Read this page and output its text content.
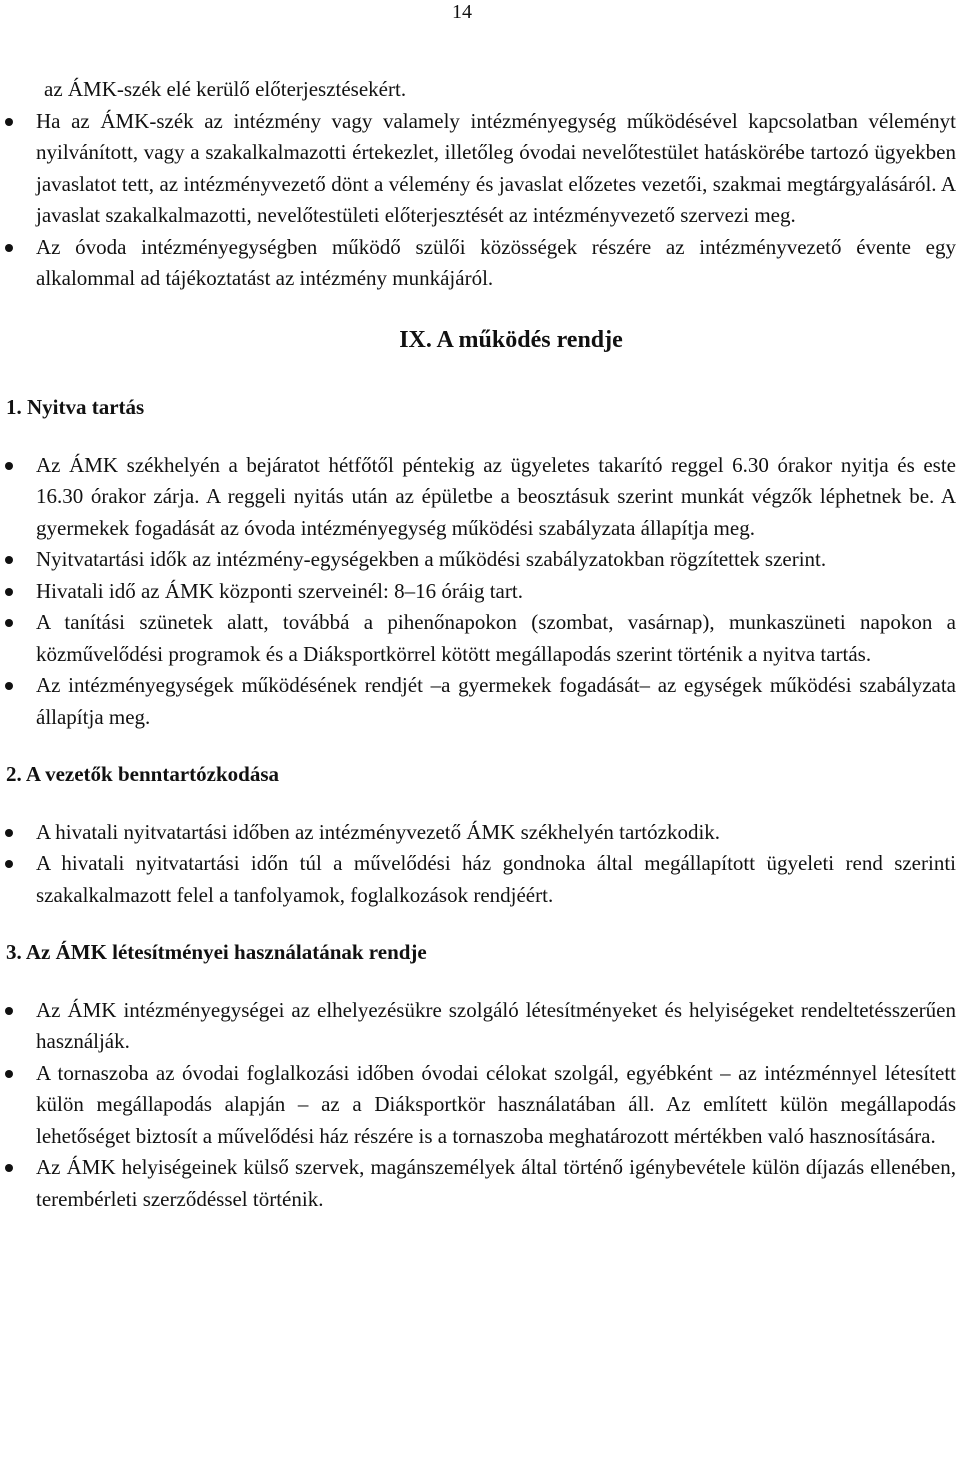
14

az ÁMK-szék elé kerülő előterjesztésekért.

Ha az ÁMK-szék az intézmény vagy valamely intézményegység működésével kapcsolatban véleményt nyilvánított, vagy a szakalkalmazotti értekezlet, illetőleg óvodai nevelőtestület hatáskörébe tartozó ügyekben javaslatot tett, az intézményvezető dönt a vélemény és javaslat előzetes vezetői, szakmai megtárgyalásáról. A javaslat szakalkalmazotti, nevelőtestületi előterjesztését az intézményvezető szervezi meg.
Az óvoda intézményegységben működő szülői közösségek részére az intézményvezető évente egy alkalommal ad tájékoztatást az intézmény munkájáról.
IX. A működés rendje
1. Nyitva tartás
Az ÁMK székhelyén a bejáratot hétfőtől péntekig az ügyeletes takarító reggel 6.30 órakor nyitja és este 16.30 órakor zárja. A reggeli nyitás után az épületbe a beosztásuk szerint munkát végzők léphetnek be. A gyermekek fogadását az óvoda intézményegység működési szabályzata állapítja meg.
Nyitvatartási idők az intézmény-egységekben a működési szabályzatokban rögzítettek szerint.
Hivatali idő az ÁMK központi szerveinél: 8–16 óráig tart.
A tanítási szünetek alatt, továbbá a pihenőnapokon (szombat, vasárnap), munkaszüneti napokon a közművelődési programok és a Diáksportkörrel kötött megállapodás szerint történik a nyitva tartás.
Az intézményegységek működésének rendjét –a gyermekek fogadását– az egységek működési szabályzata állapítja meg.
2. A vezetők benntartózkodása
A hivatali nyitvatartási időben az intézményvezető ÁMK székhelyén tartózkodik.
A hivatali nyitvatartási időn túl a művelődési ház gondnoka által megállapított ügyeleti rend szerinti szakalkalmazott felel a tanfolyamok, foglalkozások rendjéért.
3. Az ÁMK létesítményei használatának rendje
Az ÁMK intézményegységei az elhelyezésükre szolgáló létesítményeket és helyiségeket rendeltetésszerűen használják.
A tornaszoba az óvodai foglalkozási időben óvodai célokat szolgál, egyébként – az intézménnyel létesített külön megállapodás alapján – az a Diáksportkör használatában áll. Az említett külön megállapodás lehetőséget biztosít a művelődési ház részére is a tornaszoba meghatározott mértékben való hasznosítására.
Az ÁMK helyiségeinek külső szervek, magánszemélyek által történő igénybevétele külön díjazás ellenében, terembérleti szerződéssel történik.
